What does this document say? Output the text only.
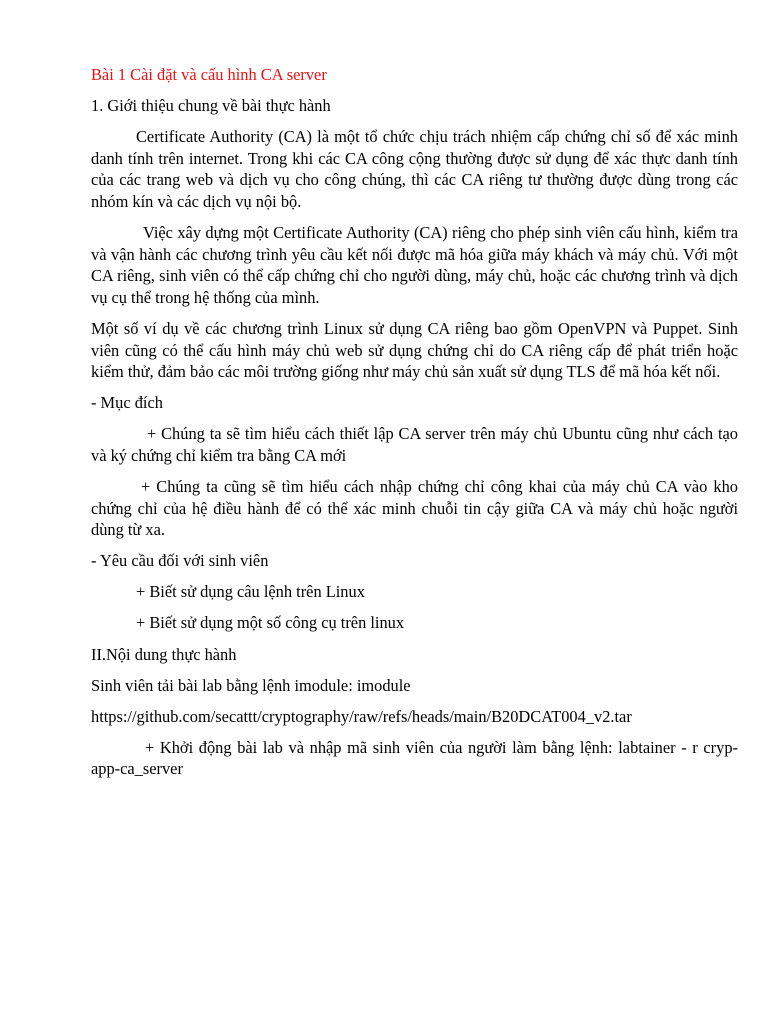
Bài 1 Cài đặt và cấu hình CA server

1. Giới thiệu chung về bài thực hành

Certificate Authority (CA) là một tổ chức chịu trách nhiệm cấp chứng chỉ số để xác minh danh tính trên internet. Trong khi các CA công cộng thường được sử dụng để xác thực danh tính của các trang web và dịch vụ cho công chúng, thì các CA riêng tư thường được dùng trong các nhóm kín và các dịch vụ nội bộ.

Việc xây dựng một Certificate Authority (CA) riêng cho phép sinh viên cấu hình, kiểm tra và vận hành các chương trình yêu cầu kết nối được mã hóa giữa máy khách và máy chủ. Với một CA riêng, sinh viên có thể cấp chứng chỉ cho người dùng, máy chủ, hoặc các chương trình và dịch vụ cụ thể trong hệ thống của mình.

Một số ví dụ về các chương trình Linux sử dụng CA riêng bao gồm OpenVPN và Puppet. Sinh viên cũng có thể cấu hình máy chủ web sử dụng chứng chỉ do CA riêng cấp để phát triển hoặc kiểm thử, đảm bảo các môi trường giống như máy chủ sản xuất sử dụng TLS để mã hóa kết nối.

- Mục đích

+ Chúng ta sẽ tìm hiểu cách thiết lập CA server trên máy chủ Ubuntu cũng như cách tạo và ký chứng chỉ kiểm tra bằng CA mới

+ Chúng ta cũng sẽ tìm hiểu cách nhập chứng chỉ công khai của máy chủ CA vào kho chứng chỉ của hệ điều hành để có thể xác minh chuỗi tin cậy giữa CA và máy chủ hoặc người dùng từ xa.

- Yêu cầu đối với sinh viên

+ Biết sử dụng câu lệnh trên Linux

+ Biết sử dụng một số công cụ trên linux

II.Nội dung thực hành

Sinh viên tải bài lab bằng lệnh imodule: imodule

https://github.com/secattt/cryptography/raw/refs/heads/main/B20DCAT004_v2.tar

+ Khởi động bài lab và nhập mã sinh viên của người làm bằng lệnh: labtainer - r cryp-app-ca_server
